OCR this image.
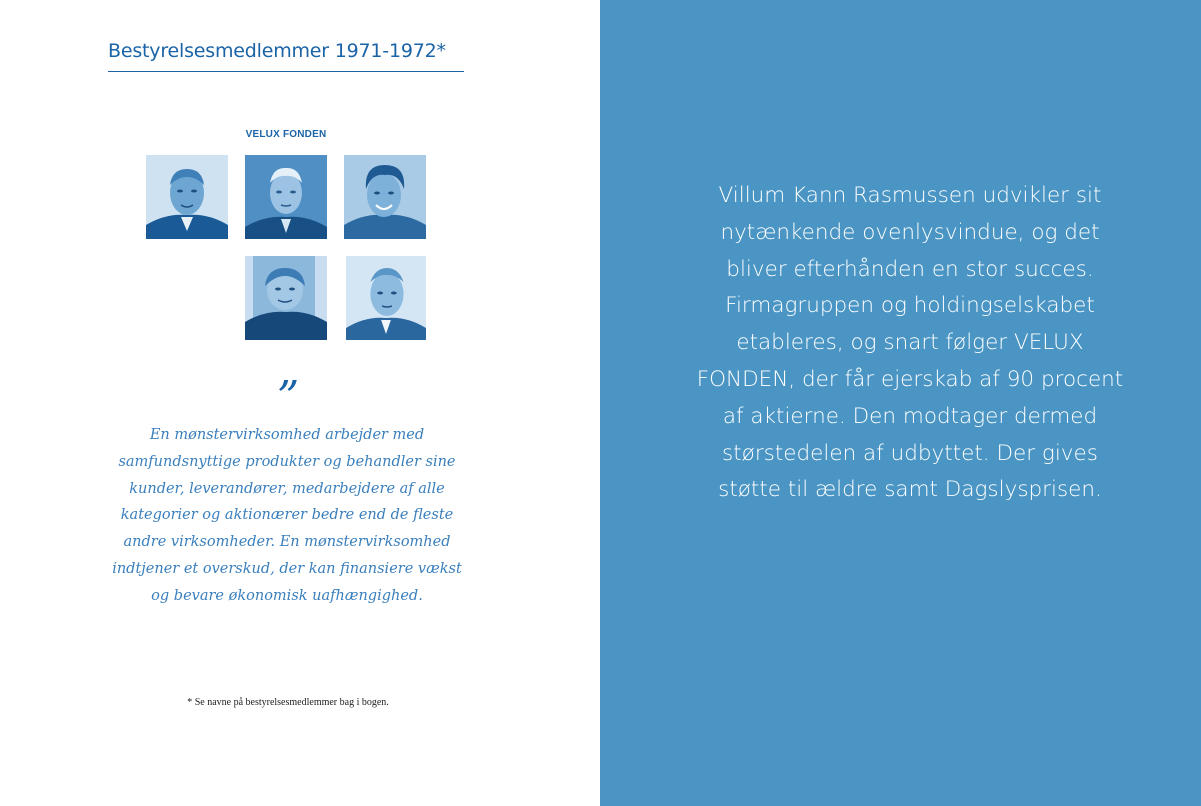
Bestyrelsesmedlemmer 1971-1972*
VELUX FONDEN
”
En mønstervirksomhed arbejder med samfundsnyttige produkter og behandler sine kunder, leverandører, medarbejdere af alle kategorier og aktionærer bedre end de fleste andre virksomheder. En mønstervirksomhed indtjener et overskud, der kan finansiere vækst og bevare økonomisk uafhængighed.
* Se navne på bestyrelsesmedlemmer bag i bogen.
Villum Kann Rasmussen udvikler sit nytænkende ovenlysvindue, og det bliver efterhånden en stor succes. Firmagruppen og holdingselskabet etableres, og snart følger VELUX FONDEN, der får ejerskab af 90 procent af aktierne. Den modtager dermed størstedelen af udbyttet. Der gives støtte til ældre samt Dagslysprisen.
